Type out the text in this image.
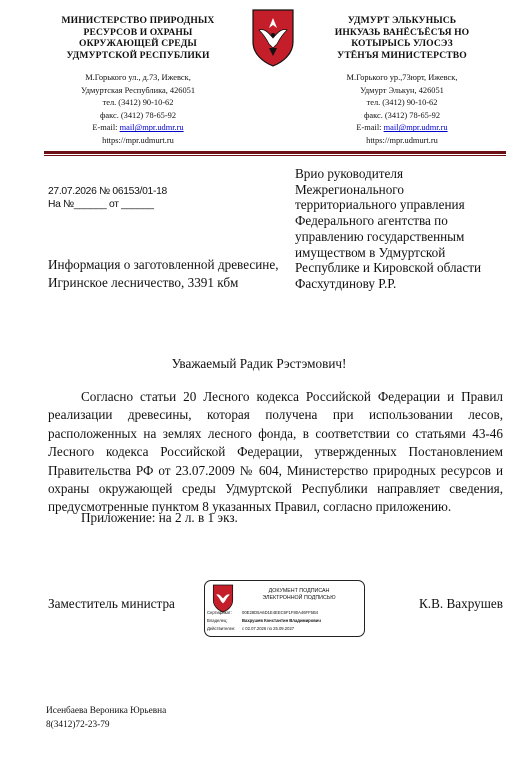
МИНИСТЕРСТВО ПРИРОДНЫХ
РЕСУРСОВ И ОХРАНЫ
ОКРУЖАЮЩЕЙ СРЕДЫ
УДМУРТСКОЙ РЕСПУБЛИКИ
М.Горького ул., д.73, Ижевск,
Удмуртская Республика, 426051
тел. (3412) 90-10-62
факс. (3412) 78-65-92
E-mail: mail@mpr.udmr.ru
https://mpr.udmurt.ru
УДМУРТ ЭЛЬКУНЫСЬ
ИНКУАЗЬ ВАНЁСЪЁСЪЯ НО
КОТЫРЫСЬ УЛОСЭЗ
УТЁНЪЯ МИНИСТЕРСТВО
М.Горького ур.,73юрт, Ижевск,
Удмурт Элькун, 426051
тел. (3412) 90-10-62
факс. (3412) 78-65-92
E-mail: mail@mpr.udmr.ru
https://mpr.udmurt.ru
27.07.2026 № 06153/01-18
На №______ от ______
Врио руководителя
Межрегионального
территориального управления
Федерального агентства по
управлению государственным
имуществом в Удмуртской
Республике и Кировской области
Фасхутдинову Р.Р.
Информация о заготовленной древесине,
Игринское лесничество, 3391 кбм
Уважаемый Радик Рэстэмович!
Согласно статьи 20 Лесного кодекса Российской Федерации и Правил реализации древесины, которая получена при использовании лесов, расположенных на землях лесного фонда, в соответствии со статьями 43-46 Лесного кодекса Российской Федерации, утвержденных Постановлением Правительства РФ от 23.07.2009 № 604, Министерство природных ресурсов и охраны окружающей среды Удмуртской Республики направляет сведения, предусмотренные пунктом 8 указанных Правил, согласно приложению.
Приложение: на 2 л. в 1 экз.
Заместитель министра	К.В. Вахрушев
ДОКУМЕНТ ПОДПИСАН
ЭЛЕКТРОННОЙ ПОДПИСЬЮ
Сертификат: 00E28D5A6D1E4EEC6F1F80A46FF5B4
Владелец:	Вахрушев Константин Владимирович
Действителен: с 02.07.2026 по 25.09.2027
Исенбаева Вероника Юрьевна
8(3412)72-23-79
